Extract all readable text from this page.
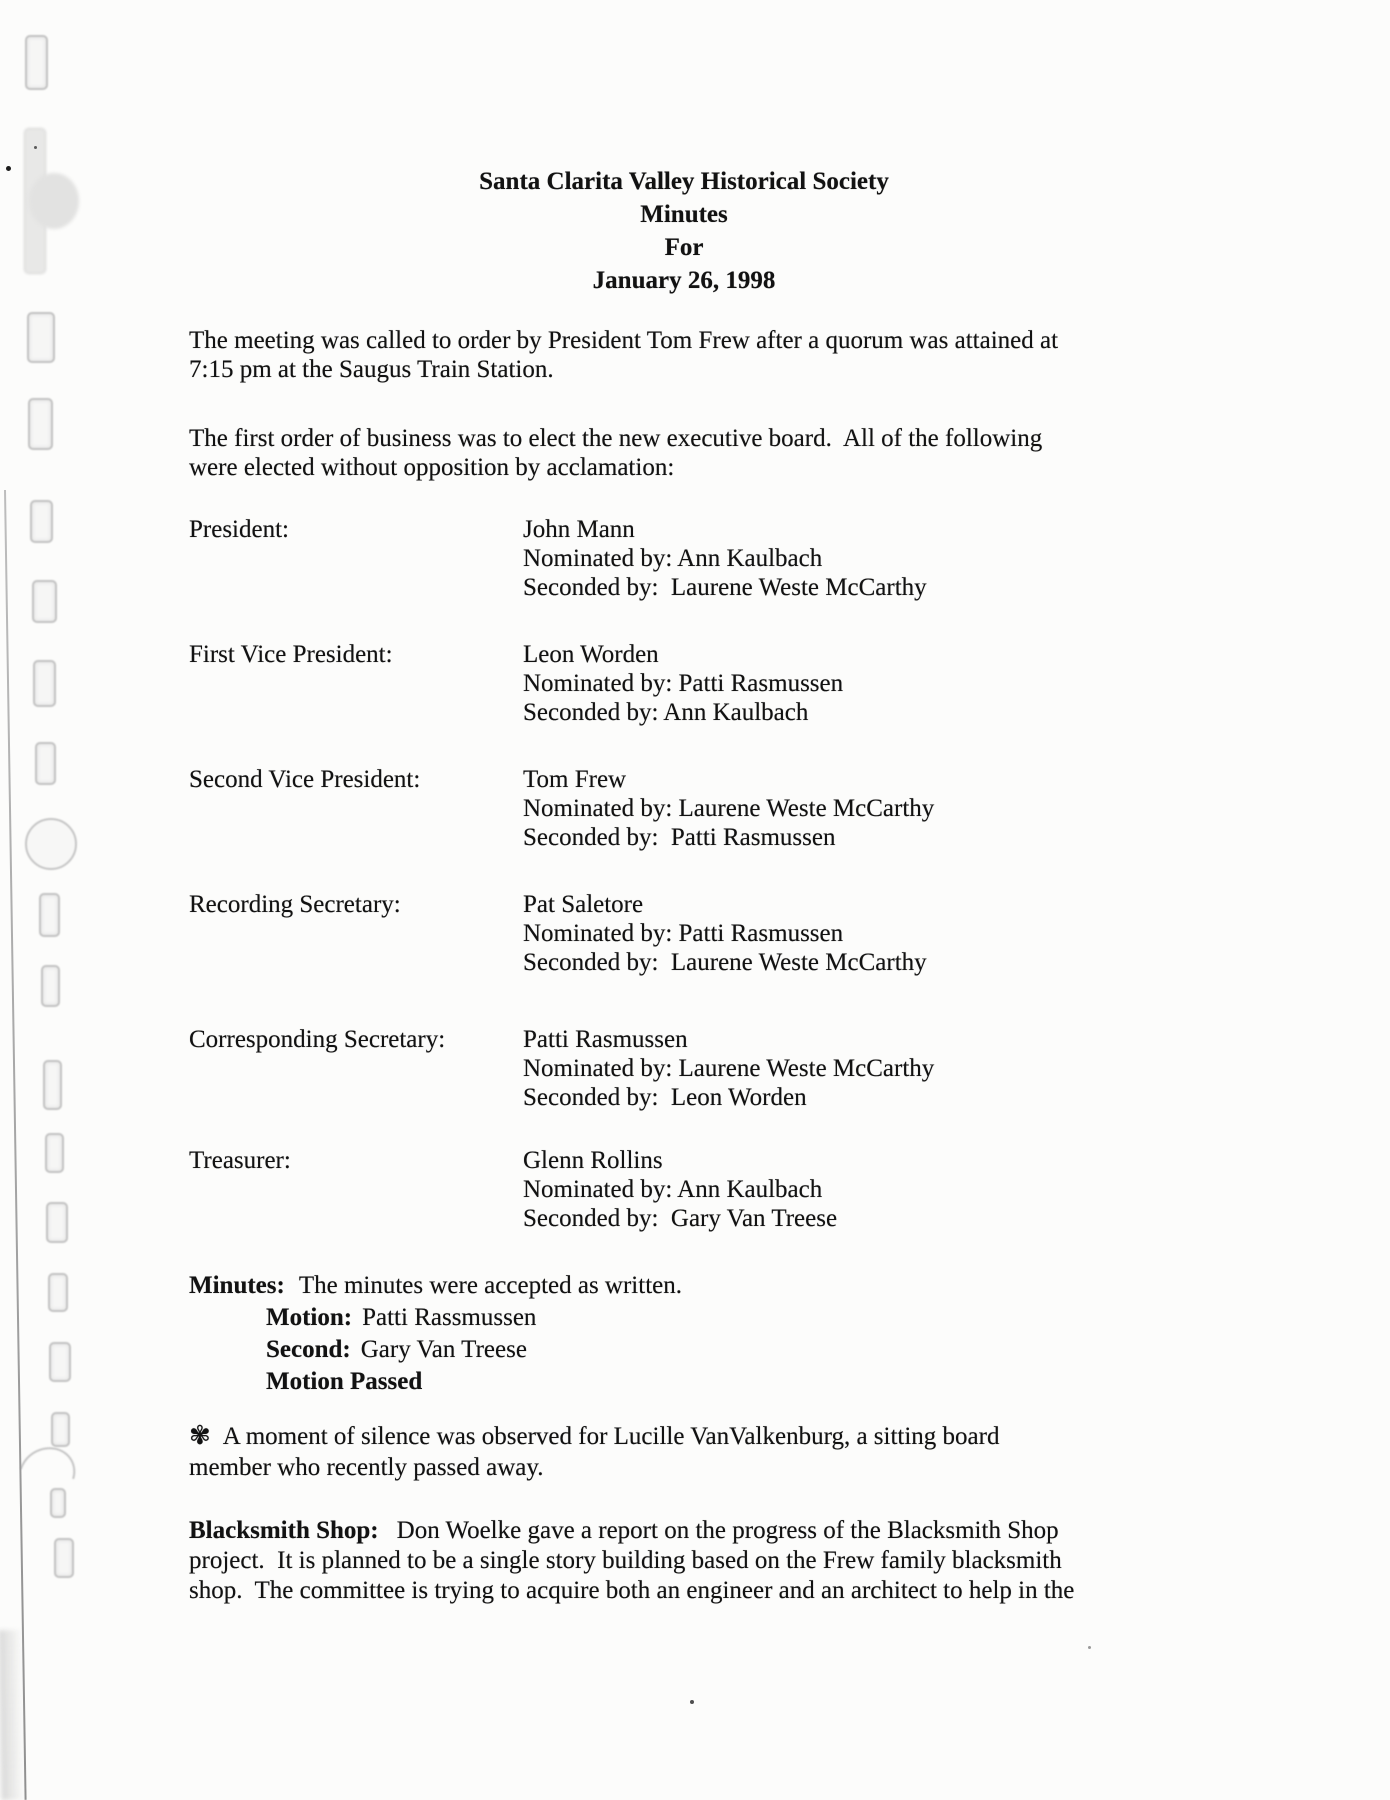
Santa Clarita Valley Historical Society
Minutes
For
January 26, 1998
The meeting was called to order by President Tom Frew after a quorum was attained at
7:15 pm at the Saugus Train Station.
The first order of business was to elect the new executive board.  All of the following
were elected without opposition by acclamation:
President:	John Mann
Nominated by: Ann Kaulbach
Seconded by:  Laurene Weste McCarthy
First Vice President:	Leon Worden
Nominated by: Patti Rasmussen
Seconded by: Ann Kaulbach
Second Vice President:	Tom Frew
Nominated by: Laurene Weste McCarthy
Seconded by:  Patti Rasmussen
Recording Secretary:	Pat Saletore
Nominated by: Patti Rasmussen
Seconded by:  Laurene Weste McCarthy
Corresponding Secretary:	Patti Rasmussen
Nominated by: Laurene Weste McCarthy
Seconded by:  Leon Worden
Treasurer:	Glenn Rollins
Nominated by: Ann Kaulbach
Seconded by:  Gary Van Treese
Minutes: The minutes were accepted as written.
Motion: Patti Rassmussen
Second: Gary Van Treese
Motion Passed
✾ A moment of silence was observed for Lucille VanValkenburg, a sitting board
member who recently passed away.
Blacksmith Shop: Don Woelke gave a report on the progress of the Blacksmith Shop
project.  It is planned to be a single story building based on the Frew family blacksmith
shop.  The committee is trying to acquire both an engineer and an architect to help in the
